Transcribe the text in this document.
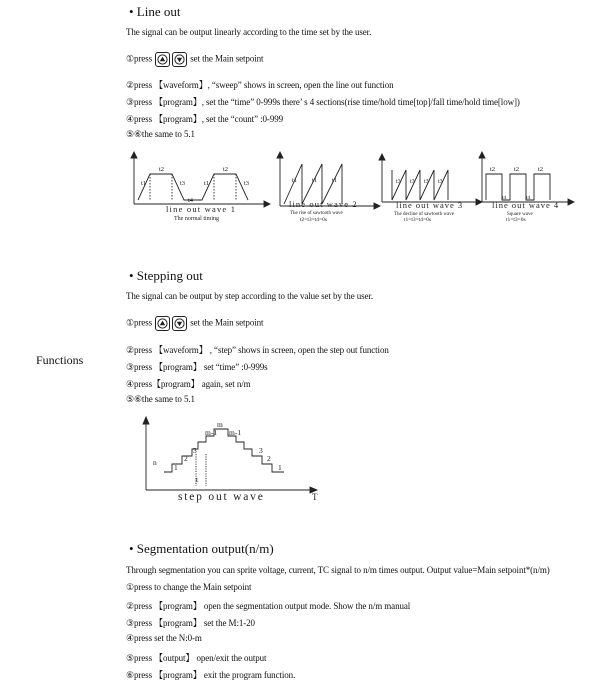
Functions
• Line out
The signal can be output linearly according to the time set by the user.
①press	set the Main setpoint
②press 【waveform】, “sweep” shows in screen, open the line out function
③press 【program】, set the “time” 0-999s there’ s 4 sections(rise time/hold time[top]/fall time/hold time[low])
④press 【program】, set the “count” :0-999
⑤⑥the same to 5.1
t1
t2
t3
t4
t1
t2
t3
line out wave 1
The normal timing
t1 t1 t1
line out wave 2
The rise of sawtooth wave
t2=t3=t4=0s
t3 t3 t3 t3
line out wave 3
The decline of sawtooth wave
t1=t3=t4=0s
t2	t2	t2
t4	t4
line out wave 4
Square wave
t1=t3=0s
• Stepping out
The signal can be output by step according to the value set by the user.
①press	set the Main setpoint
②press 【waveform】 , “step” shows in screen, open the step out function
③press 【program】 set “time” :0-999s
④press【program】 again, set n/m
⑤⑥the same to 5.1
m
m-1 m-1
3
2
1
n
t
3
2
1
step out wave	T
• Segmentation output(n/m)
Through segmentation you can sprite voltage, current, TC signal to n/m times output. Output value=Main setpoint*(n/m)
①press to change the Main setpoint
②press 【program】 open the segmentation output mode. Show the n/m manual
③press 【program】 set the M:1-20
④press set the N:0-m
⑤press 【output】 open/exit the output
⑥press 【program】 exit the program function.
